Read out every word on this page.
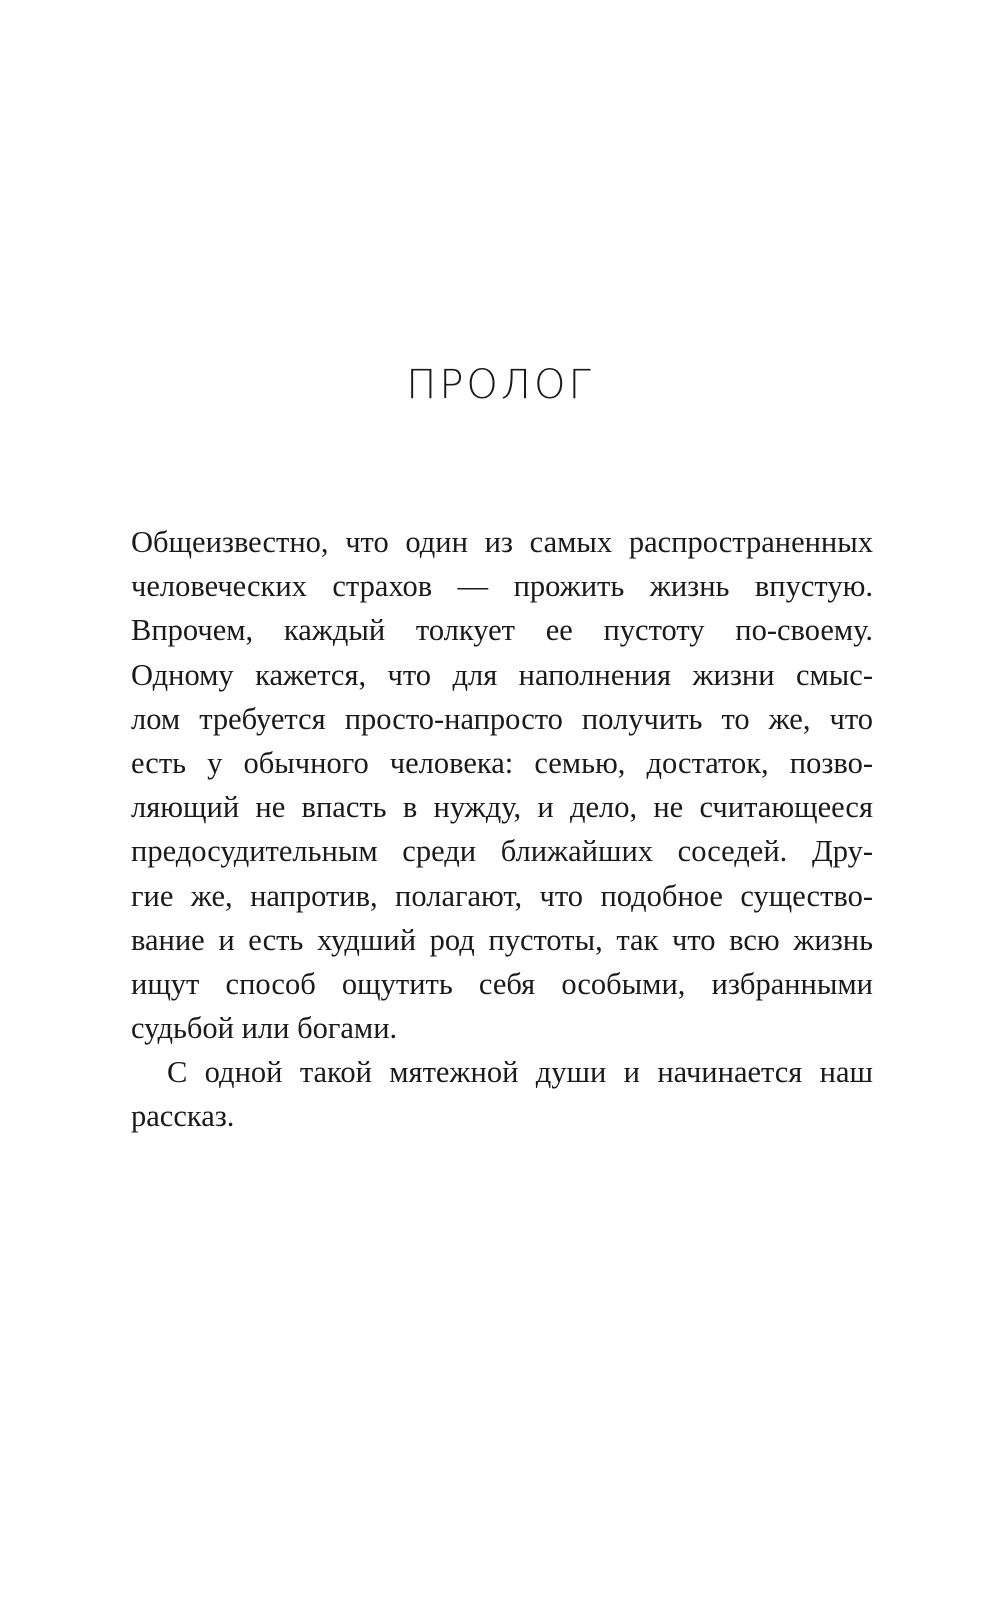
ПРОЛОГ
Общеизвестно, что один из самых распространенных
человеческих страхов — прожить жизнь впустую.
Впрочем, каждый толкует ее пустоту по-своему.
Одному кажется, что для наполнения жизни смыс-
лом требуется просто-напросто получить то же, что
есть у обычного человека: семью, достаток, позво-
ляющий не впасть в нужду, и дело, не считающееся
предосудительным среди ближайших соседей. Дру-
гие же, напротив, полагают, что подобное существо-
вание и есть худший род пустоты, так что всю жизнь
ищут способ ощутить себя особыми, избранными
судьбой или богами.
С одной такой мятежной души и начинается наш
рассказ.
